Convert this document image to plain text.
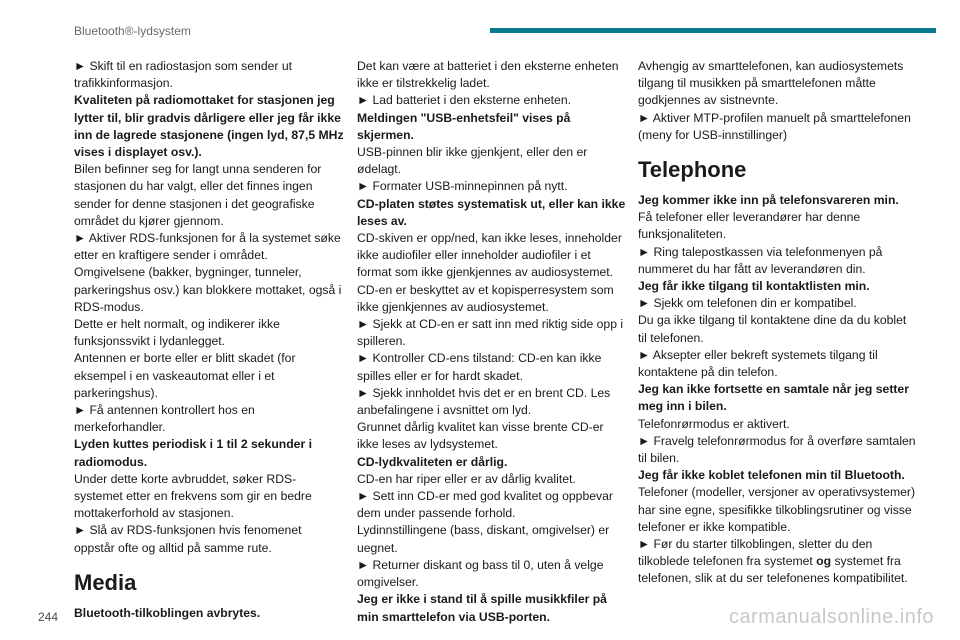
Bluetooth®-lydsystem

► Skift til en radiostasjon som sender ut trafikkinformasjon.

Kvaliteten på radiomottaket for stasjonen jeg lytter til, blir gradvis dårligere eller jeg får ikke inn de lagrede stasjonene (ingen lyd, 87,5 MHz vises i displayet osv.).

Bilen befinner seg for langt unna senderen for stasjonen du har valgt, eller det finnes ingen sender for denne stasjonen i det geografiske området du kjører gjennom.

► Aktiver RDS-funksjonen for å la systemet søke etter en kraftigere sender i området.

Omgivelsene (bakker, bygninger, tunneler, parkeringshus osv.) kan blokkere mottaket, også i RDS-modus.

Dette er helt normalt, og indikerer ikke funksjonssvikt i lydanlegget.

Antennen er borte eller er blitt skadet (for eksempel i en vaskeautomat eller i et parkeringshus).

► Få antennen kontrollert hos en merkeforhandler.

Lyden kuttes periodisk i 1 til 2 sekunder i radiomodus.

Under dette korte avbruddet, søker RDS-systemet etter en frekvens som gir en bedre mottakerforhold av stasjonen.

► Slå av RDS-funksjonen hvis fenomenet oppstår ofte og alltid på samme rute.

Media

Bluetooth-tilkoblingen avbrytes.

Det kan være at batteriet i den eksterne enheten ikke er tilstrekkelig ladet.

► Lad batteriet i den eksterne enheten.

Meldingen "USB-enhetsfeil" vises på skjermen.

USB-pinnen blir ikke gjenkjent, eller den er ødelagt.

► Formater USB-minnepinnen på nytt.

CD-platen støtes systematisk ut, eller kan ikke leses av.

CD-skiven er opp/ned, kan ikke leses, inneholder ikke audiofiler eller inneholder audiofiler i et format som ikke gjenkjennes av audiosystemet.

CD-en er beskyttet av et kopisperresystem som ikke gjenkjennes av audiosystemet.

► Sjekk at CD-en er satt inn med riktig side opp i spilleren.

► Kontroller CD-ens tilstand: CD-en kan ikke spilles eller er for hardt skadet.

► Sjekk innholdet hvis det er en brent CD. Les anbefalingene i avsnittet om lyd.

Grunnet dårlig kvalitet kan visse brente CD-er ikke leses av lydsystemet.

CD-lydkvaliteten er dårlig.

CD-en har riper eller er av dårlig kvalitet.

► Sett inn CD-er med god kvalitet og oppbevar dem under passende forhold.

Lydinnstillingene (bass, diskant, omgivelser) er uegnet.

► Returner diskant og bass til 0, uten å velge omgivelser.

Jeg er ikke i stand til å spille musikkfiler på min smarttelefon via USB-porten.

Avhengig av smarttelefonen, kan audiosystemets tilgang til musikken på smarttelefonen måtte godkjennes av sistnevnte.

► Aktiver MTP-profilen manuelt på smarttelefonen (meny for USB-innstillinger)

Telephone

Jeg kommer ikke inn på telefonsvareren min.

Få telefoner eller leverandører har denne funksjonaliteten.

► Ring talepostkassen via telefonmenyen på nummeret du har fått av leverandøren din.

Jeg får ikke tilgang til kontaktlisten min.

► Sjekk om telefonen din er kompatibel.

Du ga ikke tilgang til kontaktene dine da du koblet til telefonen.

► Aksepter eller bekreft systemets tilgang til kontaktene på din telefon.

Jeg kan ikke fortsette en samtale når jeg setter meg inn i bilen.

Telefonrørmodus er aktivert.

► Fravelg telefonrørmodus for å overføre samtalen til bilen.

Jeg får ikke koblet telefonen min til Bluetooth.

Telefoner (modeller, versjoner av operativsystemer) har sine egne, spesifikke tilkoblingsrutiner og visse telefoner er ikke kompatible.

► Før du starter tilkoblingen, sletter du den tilkoblede telefonen fra systemet og systemet fra telefonen, slik at du ser telefonenes kompatibilitet.

244	carmanualsonline.info
